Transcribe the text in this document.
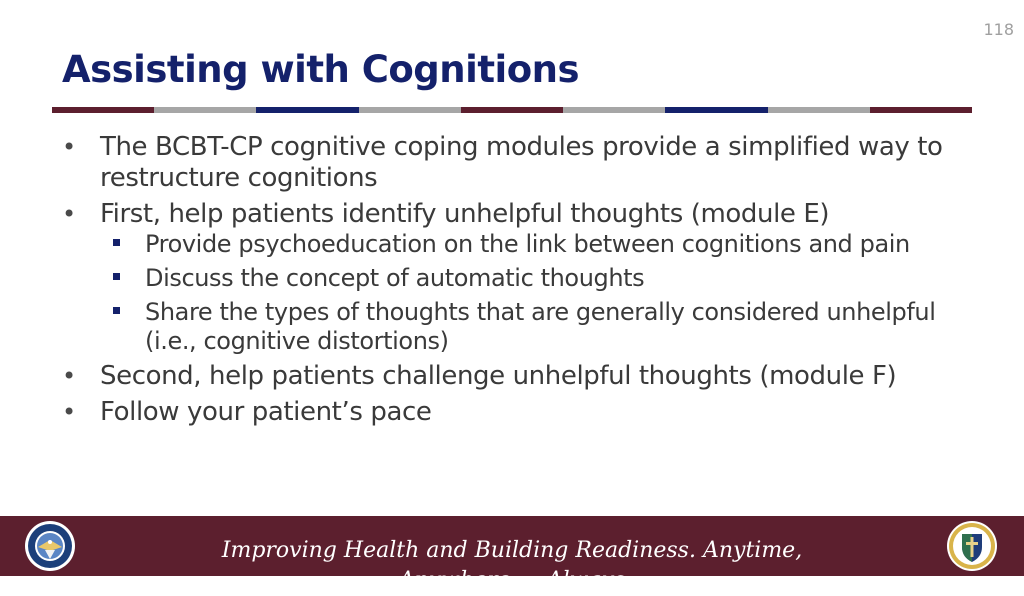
118
Assisting with Cognitions
• The BCBT-CP cognitive coping modules provide a simplified way to restructure cognitions
• First, help patients identify unhelpful thoughts (module E)
Provide psychoeducation on the link between cognitions and pain
Discuss the concept of automatic thoughts
Share the types of thoughts that are generally considered unhelpful (i.e., cognitive distortions)
• Second, help patients challenge unhelpful thoughts (module F)
• Follow your patient’s pace
Improving Health and Building Readiness. Anytime, Anywhere — Always
